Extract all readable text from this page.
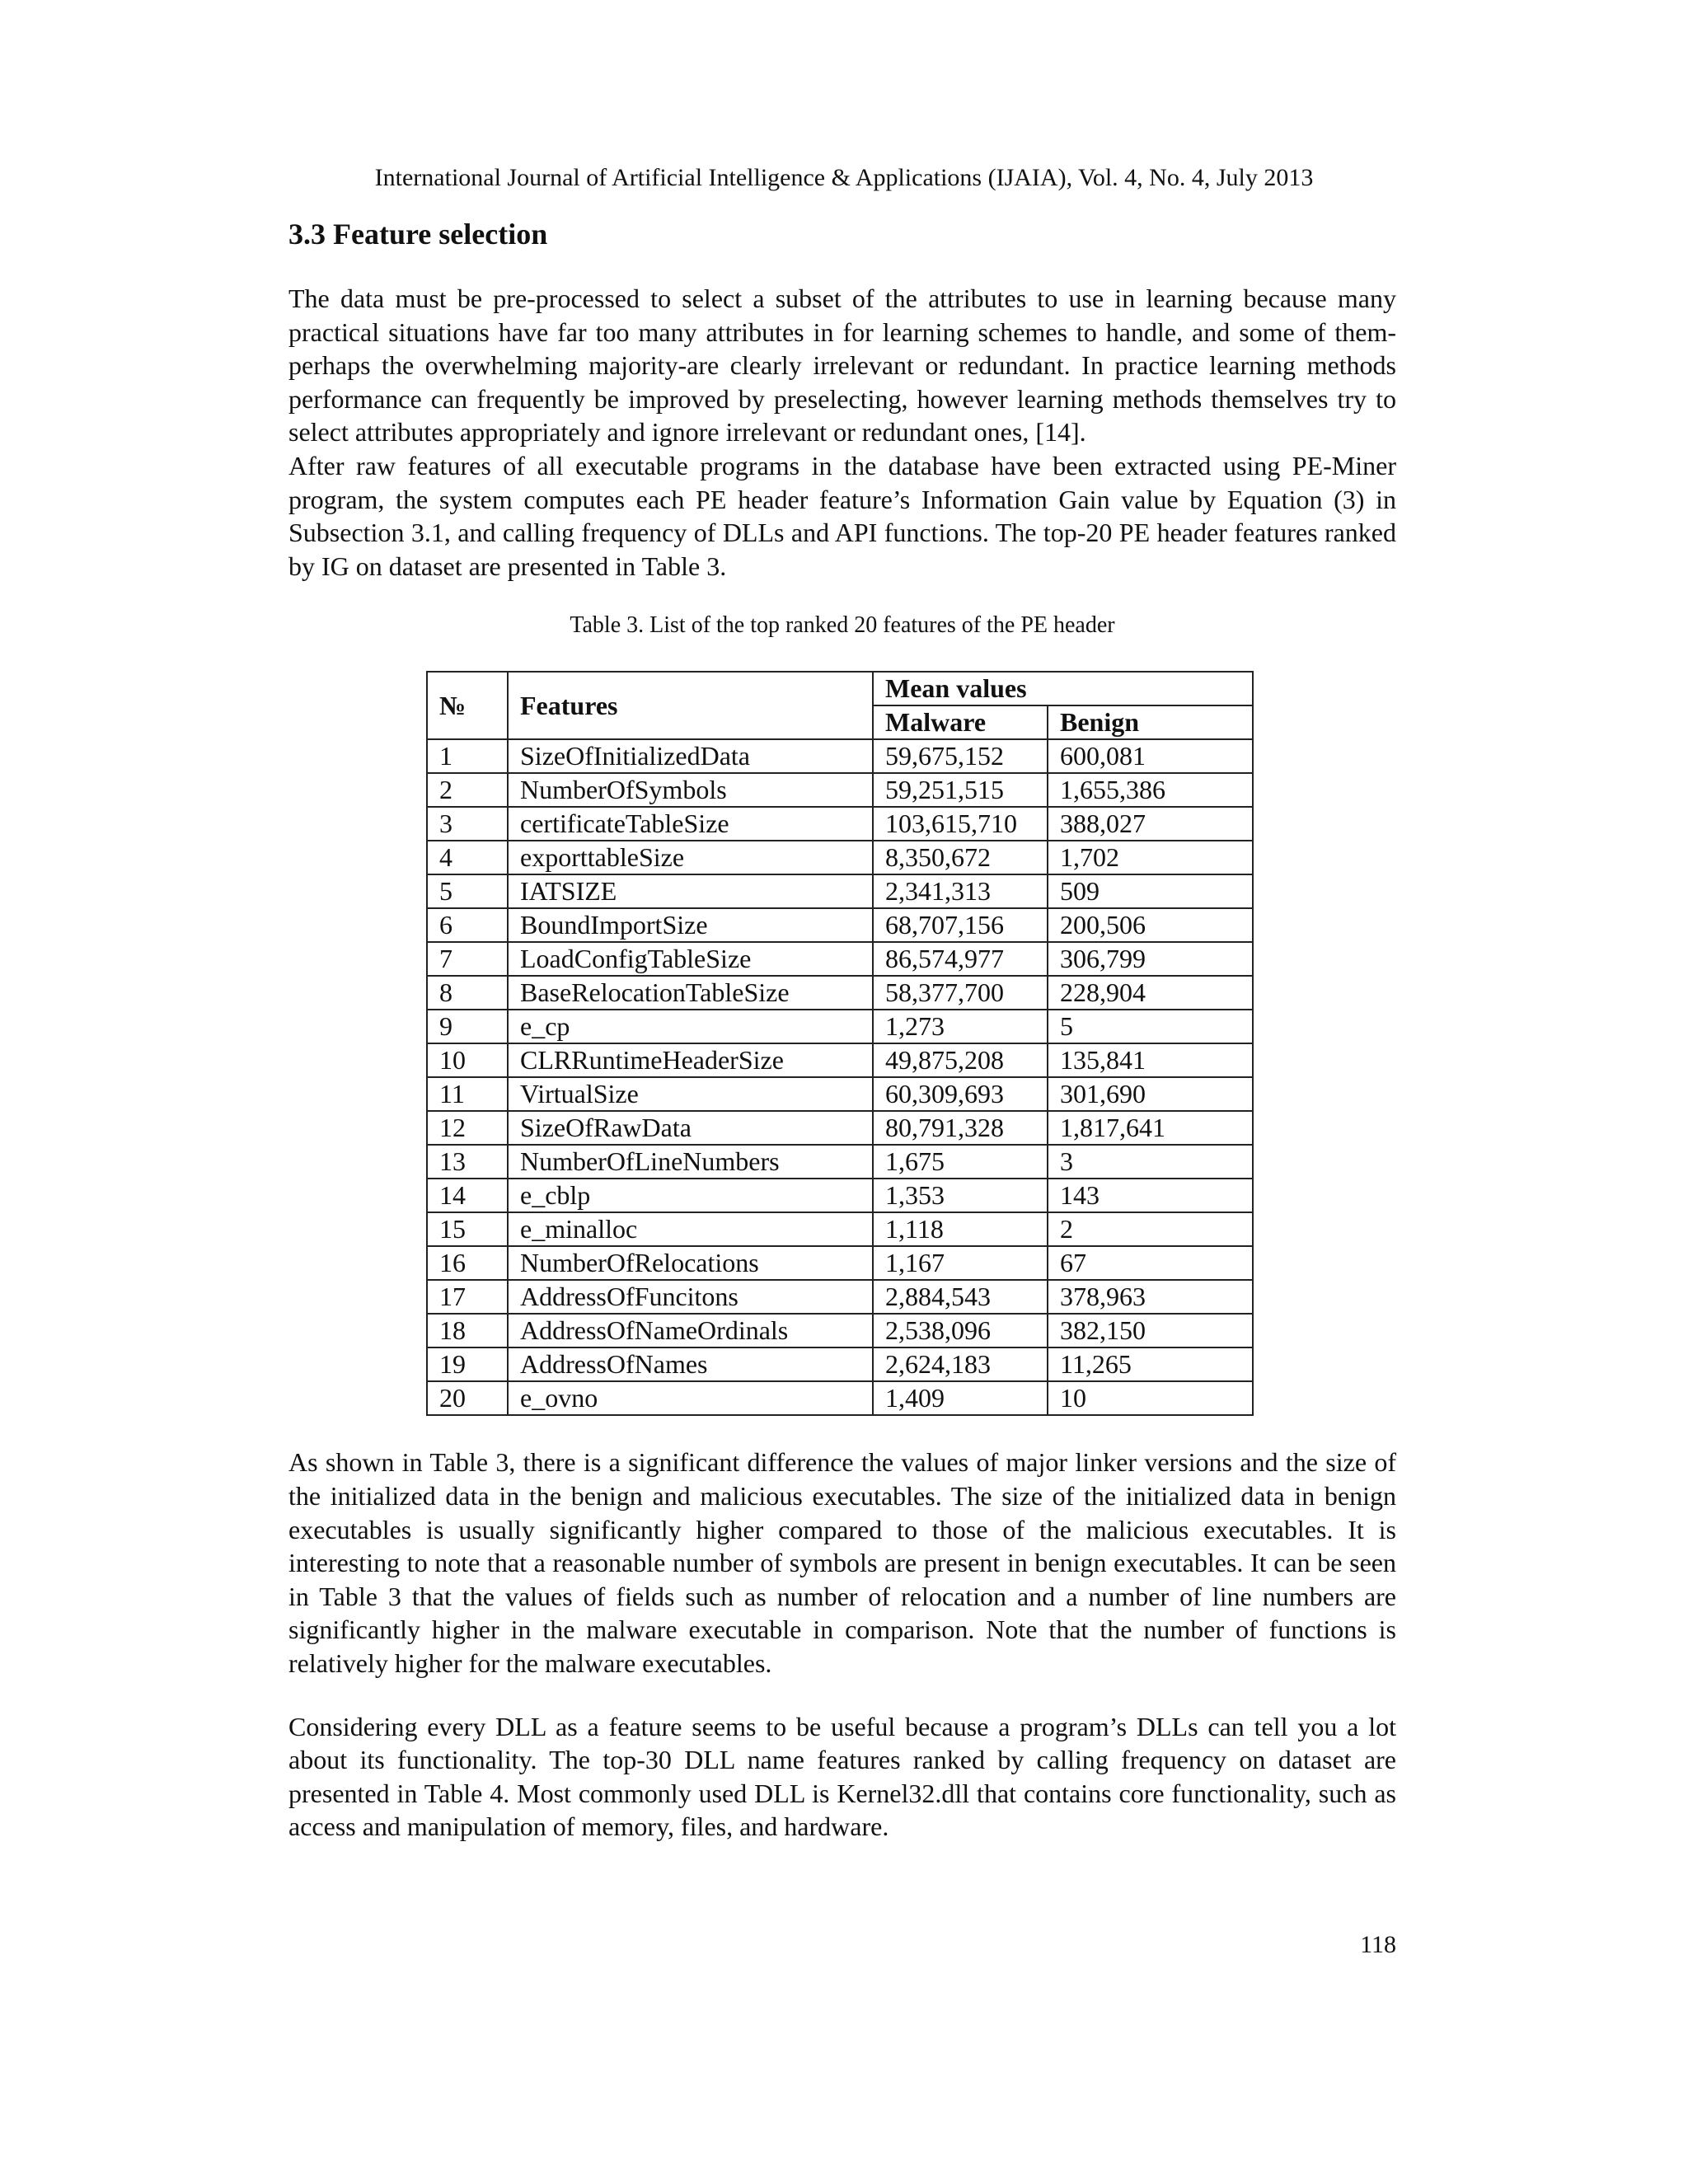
International Journal of Artificial Intelligence & Applications (IJAIA), Vol. 4, No. 4, July 2013

3.3 Feature selection

The data must be pre-processed to select a subset of the attributes to use in learning because many practical situations have far too many attributes in for learning schemes to handle, and some of them-perhaps the overwhelming majority-are clearly irrelevant or redundant. In practice learning methods performance can frequently be improved by preselecting, however learning methods themselves try to select attributes appropriately and ignore irrelevant or redundant ones, [14].

After raw features of all executable programs in the database have been extracted using PE-Miner program, the system computes each PE header feature’s Information Gain value by Equation (3) in Subsection 3.1, and calling frequency of DLLs and API functions. The top-20 PE header features ranked by IG on dataset are presented in Table 3.

Table 3. List of the top ranked 20 features of the PE header

№	Features	Mean values	
		Malware	Benign
1	SizeOfInitializedData	59,675,152	600,081
2	NumberOfSymbols	59,251,515	1,655,386
3	certificateTableSize	103,615,710	388,027
4	exporttableSize	8,350,672	1,702
5	IATSIZE	2,341,313	509
6	BoundImportSize	68,707,156	200,506
7	LoadConfigTableSize	86,574,977	306,799
8	BaseRelocationTableSize	58,377,700	228,904
9	e_cp	1,273	5
10	CLRRuntimeHeaderSize	49,875,208	135,841
11	VirtualSize	60,309,693	301,690
12	SizeOfRawData	80,791,328	1,817,641
13	NumberOfLineNumbers	1,675	3
14	e_cblp	1,353	143
15	e_minalloc	1,118	2
16	NumberOfRelocations	1,167	67
17	AddressOfFuncitons	2,884,543	378,963
18	AddressOfNameOrdinals	2,538,096	382,150
19	AddressOfNames	2,624,183	11,265
20	e_ovno	1,409	10

As shown in Table 3, there is a significant difference the values of major linker versions and the size of the initialized data in the benign and malicious executables. The size of the initialized data in benign executables is usually significantly higher compared to those of the malicious executables. It is interesting to note that a reasonable number of symbols are present in benign executables. It can be seen in Table 3 that the values of fields such as number of relocation and a number of line numbers are significantly higher in the malware executable in comparison. Note that the number of functions is relatively higher for the malware executables.

Considering every DLL as a feature seems to be useful because a program’s DLLs can tell you a lot about its functionality. The top-30 DLL name features ranked by calling frequency on dataset are presented in Table 4. Most commonly used DLL is Kernel32.dll that contains core functionality, such as access and manipulation of memory, files, and hardware.

118
